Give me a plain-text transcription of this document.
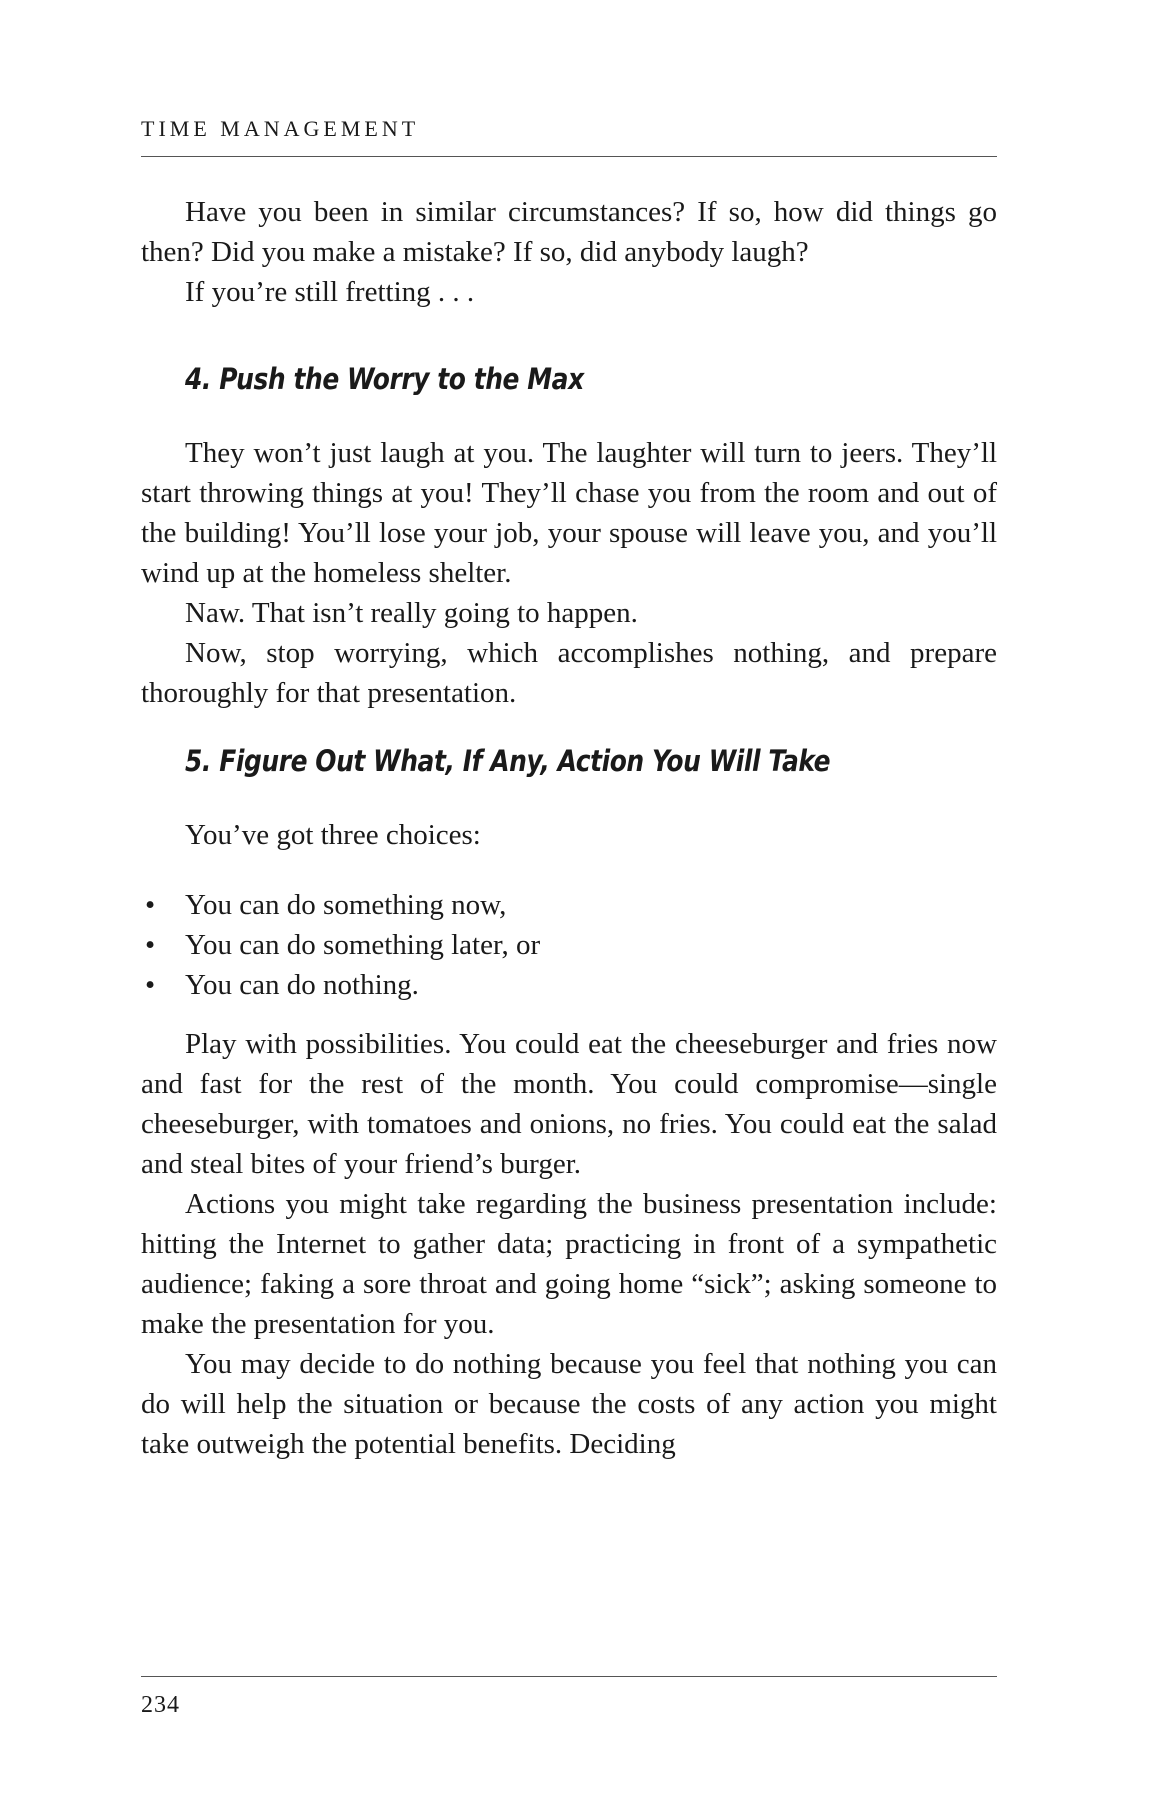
TIME MANAGEMENT

Have you been in similar circumstances? If so, how did things go then? Did you make a mistake? If so, did anybody laugh?

If you’re still fretting . . .

4. Push the Worry to the Max

They won’t just laugh at you. The laughter will turn to jeers. They’ll start throwing things at you! They’ll chase you from the room and out of the building! You’ll lose your job, your spouse will leave you, and you’ll wind up at the homeless shelter.

Naw. That isn’t really going to happen.

Now, stop worrying, which accomplishes nothing, and prepare thoroughly for that presentation.

5. Figure Out What, If Any, Action You Will Take

You’ve got three choices:

• You can do something now,
• You can do something later, or
• You can do nothing.

Play with possibilities. You could eat the cheeseburger and fries now and fast for the rest of the month. You could compromise—single cheeseburger, with tomatoes and onions, no fries. You could eat the salad and steal bites of your friend’s burger.

Actions you might take regarding the business presentation include: hitting the Internet to gather data; practicing in front of a sympathetic audience; faking a sore throat and going home “sick”; asking someone to make the presentation for you.

You may decide to do nothing because you feel that nothing you can do will help the situation or because the costs of any action you might take outweigh the potential benefits. Deciding

234
